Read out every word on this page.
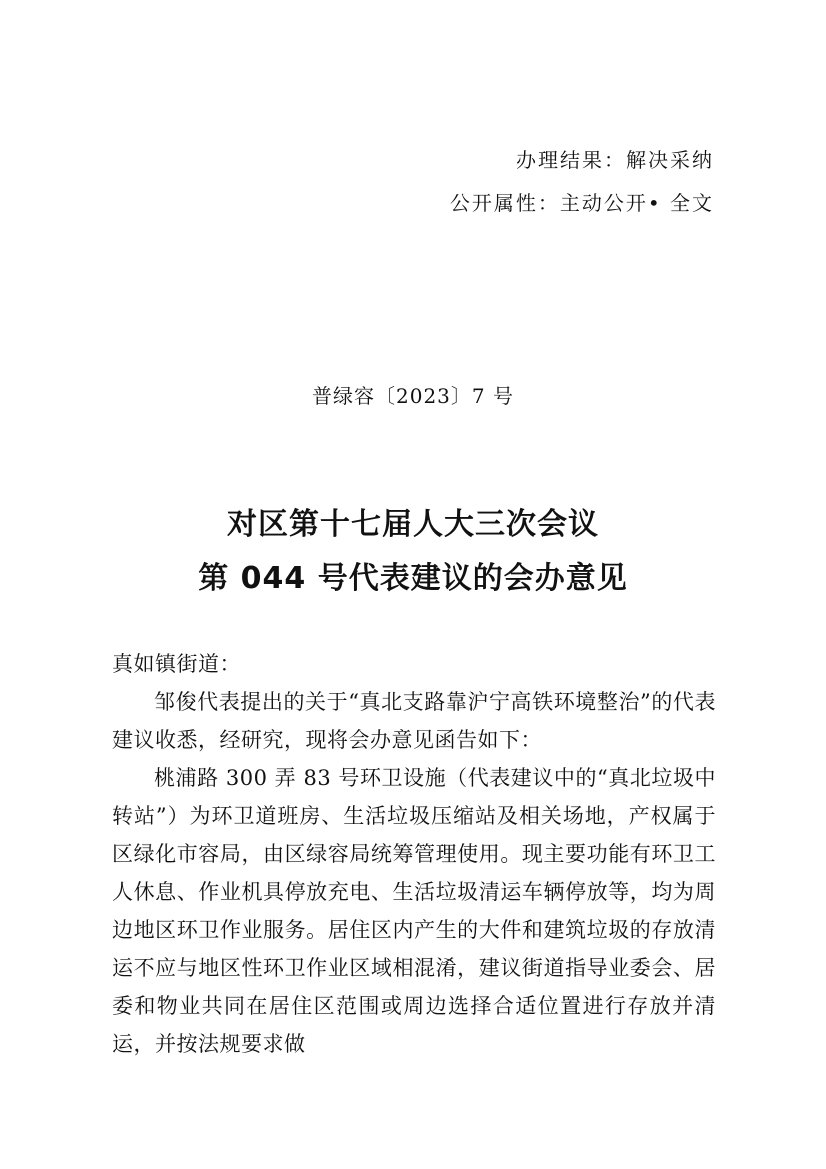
办理结果：解决采纳
公开属性：主动公开• 全文
普绿容〔2023〕7 号
对区第十七届人大三次会议
第 044 号代表建议的会办意见

真如镇街道：

邹俊代表提出的关于“真北支路靠沪宁高铁环境整治”的代表建议收悉，经研究，现将会办意见函告如下：

桃浦路 300 弄 83 号环卫设施（代表建议中的“真北垃圾中转站”）为环卫道班房、生活垃圾压缩站及相关场地，产权属于区绿化市容局，由区绿容局统筹管理使用。现主要功能有环卫工人休息、作业机具停放充电、生活垃圾清运车辆停放等，均为周边地区环卫作业服务。居住区内产生的大件和建筑垃圾的存放清运不应与地区性环卫作业区域相混淆，建议街道指导业委会、居委和物业共同在居住区范围或周边选择合适位置进行存放并清运，并按法规要求做
